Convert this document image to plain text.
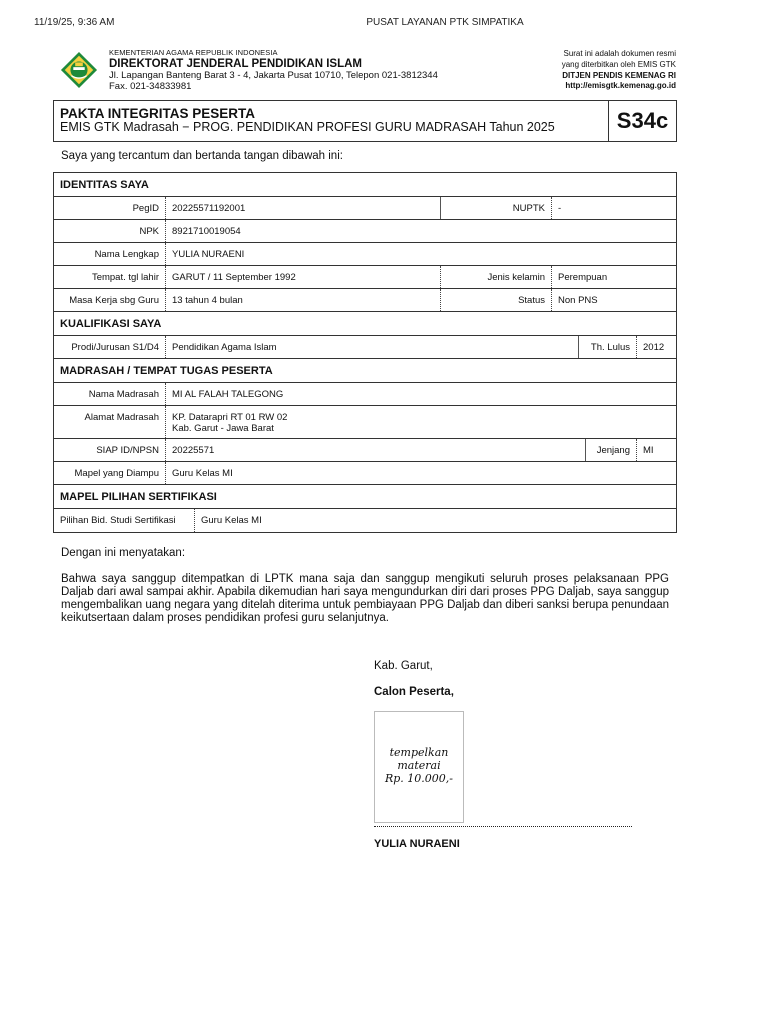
11/19/25, 9:36 AM	PUSAT LAYANAN PTK SIMPATIKA
KEMENTERIAN AGAMA REPUBLIK INDONESIA
DIREKTORAT JENDERAL PENDIDIKAN ISLAM
Jl. Lapangan Banteng Barat 3 - 4, Jakarta Pusat 10710, Telepon 021-3812344
Fax. 021-34833981
Surat ini adalah dokumen resmi
yang diterbitkan oleh EMIS GTK
DITJEN PENDIS KEMENAG RI
http://emisgtk.kemenag.go.id
PAKTA INTEGRITAS PESERTA
EMIS GTK Madrasah − PROG. PENDIDIKAN PROFESI GURU MADRASAH Tahun 2025	S34c
Saya yang tercantum dan bertanda tangan dibawah ini:
IDENTITAS SAYA
PegID	20225571192001	NUPTK	-
NPK	8921710019054
Nama Lengkap	YULIA NURAENI
Tempat. tgl lahir	GARUT / 11 September 1992	Jenis kelamin	Perempuan
Masa Kerja sbg Guru	13 tahun 4 bulan	Status	Non PNS
KUALIFIKASI SAYA
Prodi/Jurusan S1/D4	Pendidikan Agama Islam	Th. Lulus	2012
MADRASAH / TEMPAT TUGAS PESERTA
Nama Madrasah	MI AL FALAH TALEGONG
Alamat Madrasah	KP. Datarapri RT 01 RW 02
Kab. Garut - Jawa Barat
SIAP ID/NPSN	20225571	Jenjang	MI
Mapel yang Diampu	Guru Kelas MI
MAPEL PILIHAN SERTIFIKASI
Pilihan Bid. Studi Sertifikasi	Guru Kelas MI

Dengan ini menyatakan:

Bahwa saya sanggup ditempatkan di LPTK mana saja dan sanggup mengikuti seluruh proses pelaksanaan PPG Daljab dari awal sampai akhir. Apabila dikemudian hari saya mengundurkan diri dari proses PPG Daljab, saya sanggup mengembalikan uang negara yang ditelah diterima untuk pembiayaan PPG Daljab dan diberi sanksi berupa penundaan keikutsertaan dalam proses pendidikan profesi guru selanjutnya.

Kab. Garut,
Calon Peserta,
tempelkan
materai
Rp. 10.000,-
YULIA NURAENI
